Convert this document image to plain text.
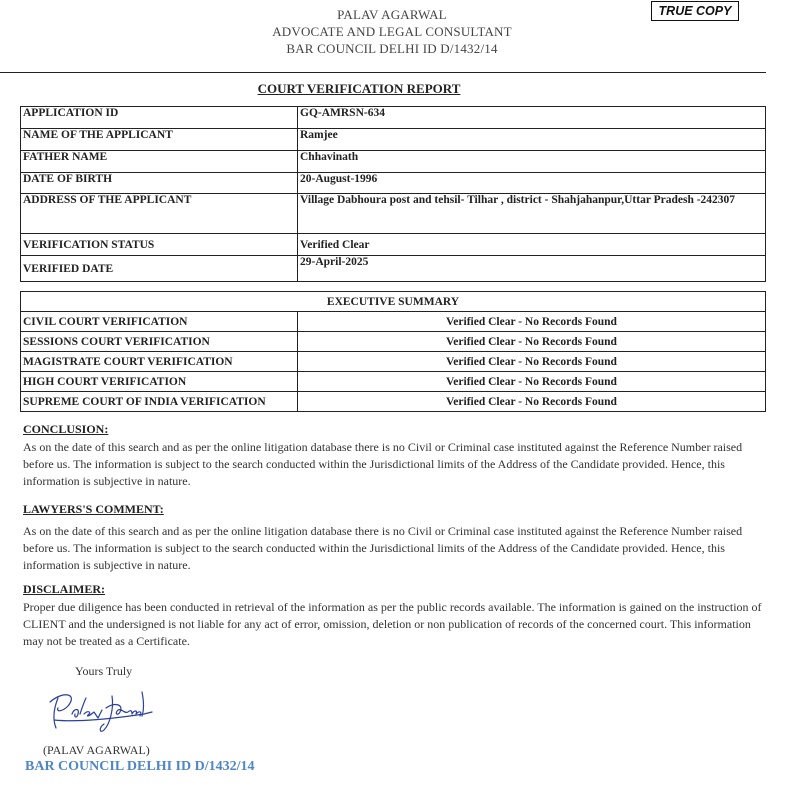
PALAV AGARWAL
ADVOCATE AND LEGAL CONSULTANT
BAR COUNCIL DELHI ID D/1432/14
TRUE COPY
COURT VERIFICATION REPORT
APPLICATION ID	GQ-AMRSN-634
NAME OF THE APPLICANT	Ramjee
FATHER NAME	Chhavinath
DATE OF BIRTH	20-August-1996
ADDRESS OF THE APPLICANT	Village Dabhoura post and tehsil- Tilhar , district - Shahjahanpur,Uttar Pradesh -242307
VERIFICATION STATUS	Verified Clear
VERIFIED DATE	29-April-2025
EXECUTIVE SUMMARY	
CIVIL COURT VERIFICATION	Verified Clear - No Records Found
SESSIONS COURT VERIFICATION	Verified Clear - No Records Found
MAGISTRATE COURT VERIFICATION	Verified Clear - No Records Found
HIGH COURT VERIFICATION	Verified Clear - No Records Found
SUPREME COURT OF INDIA VERIFICATION	Verified Clear - No Records Found
CONCLUSION:
As on the date of this search and as per the online litigation database there is no Civil or Criminal case instituted against the Reference Number raised before us. The information is subject to the search conducted within the Jurisdictional limits of the Address of the Candidate provided. Hence, this information is subjective in nature.
LAWYERS'S COMMENT:
As on the date of this search and as per the online litigation database there is no Civil or Criminal case instituted against the Reference Number raised before us. The information is subject to the search conducted within the Jurisdictional limits of the Address of the Candidate provided. Hence, this information is subjective in nature.
DISCLAIMER:
Proper due diligence has been conducted in retrieval of the information as per the public records available. The information is gained on the instruction of CLIENT and the undersigned is not liable for any act of error, omission, deletion or non publication of records of the concerned court. This information may not be treated as a Certificate.
Yours Truly
(PALAV AGARWAL)
BAR COUNCIL DELHI ID D/1432/14
